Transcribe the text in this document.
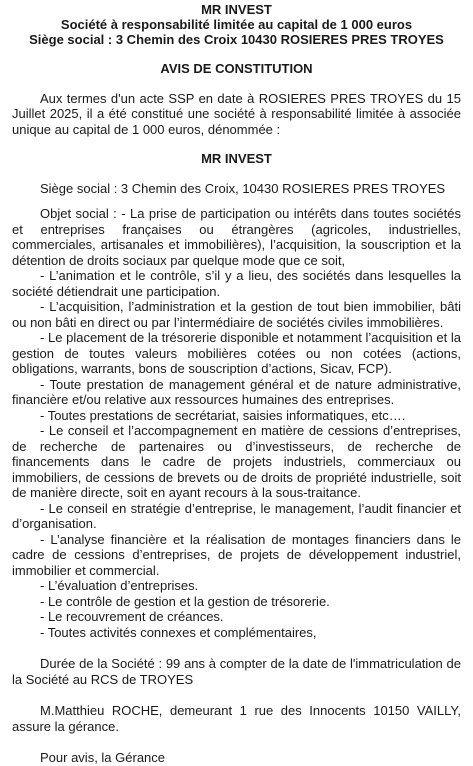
MR INVEST
Société à responsabilité limitée au capital de 1 000 euros
Siège social : 3 Chemin des Croix 10430 ROSIERES PRES TROYES
AVIS DE CONSTITUTION

Aux termes d'un acte SSP en date à ROSIERES PRES TROYES du 15 Juillet 2025, il a été constitué une société à responsabilité limitée à associée unique au capital de 1 000 euros, dénommée :

MR INVEST

Siège social : 3 Chemin des Croix, 10430 ROSIERES PRES TROYES

Objet social : - La prise de participation ou intérêts dans toutes sociétés et entreprises françaises ou étrangères (agricoles, industrielles, commerciales, artisanales et immobilières), l’acquisition, la souscription et la détention de droits sociaux par quelque mode que ce soit,

- L’animation et le contrôle, s’il y a lieu, des sociétés dans lesquelles la société détiendrait une participation.

- L’acquisition, l’administration et la gestion de tout bien immobilier, bâti ou non bâti en direct ou par l’intermédiaire de sociétés civiles immobilières.

- Le placement de la trésorerie disponible et notamment l’acquisition et la gestion de toutes valeurs mobilières cotées ou non cotées (actions, obligations, warrants, bons de souscription d’actions, Sicav, FCP).

- Toute prestation de management général et de nature administrative, financière et/ou relative aux ressources humaines des entreprises.

- Toutes prestations de secrétariat, saisies informatiques, etc….

- Le conseil et l’accompagnement en matière de cessions d’entreprises, de recherche de partenaires ou d’investisseurs, de recherche de financements dans le cadre de projets industriels, commerciaux ou immobiliers, de cessions de brevets ou de droits de propriété industrielle, soit de manière directe, soit en ayant recours à la sous-traitance.

- Le conseil en stratégie d’entreprise, le management, l’audit financier et d’organisation.

- L’analyse financière et la réalisation de montages financiers dans le cadre de cessions d’entreprises, de projets de développement industriel, immobilier et commercial.

- L’évaluation d’entreprises.

- Le contrôle de gestion et la gestion de trésorerie.

- Le recouvrement de créances.

- Toutes activités connexes et complémentaires,

Durée de la Société : 99 ans à compter de la date de l'immatriculation de la Société au RCS de TROYES

M.Matthieu ROCHE, demeurant 1 rue des Innocents 10150 VAILLY, assure la gérance.

Pour avis, la Gérance
